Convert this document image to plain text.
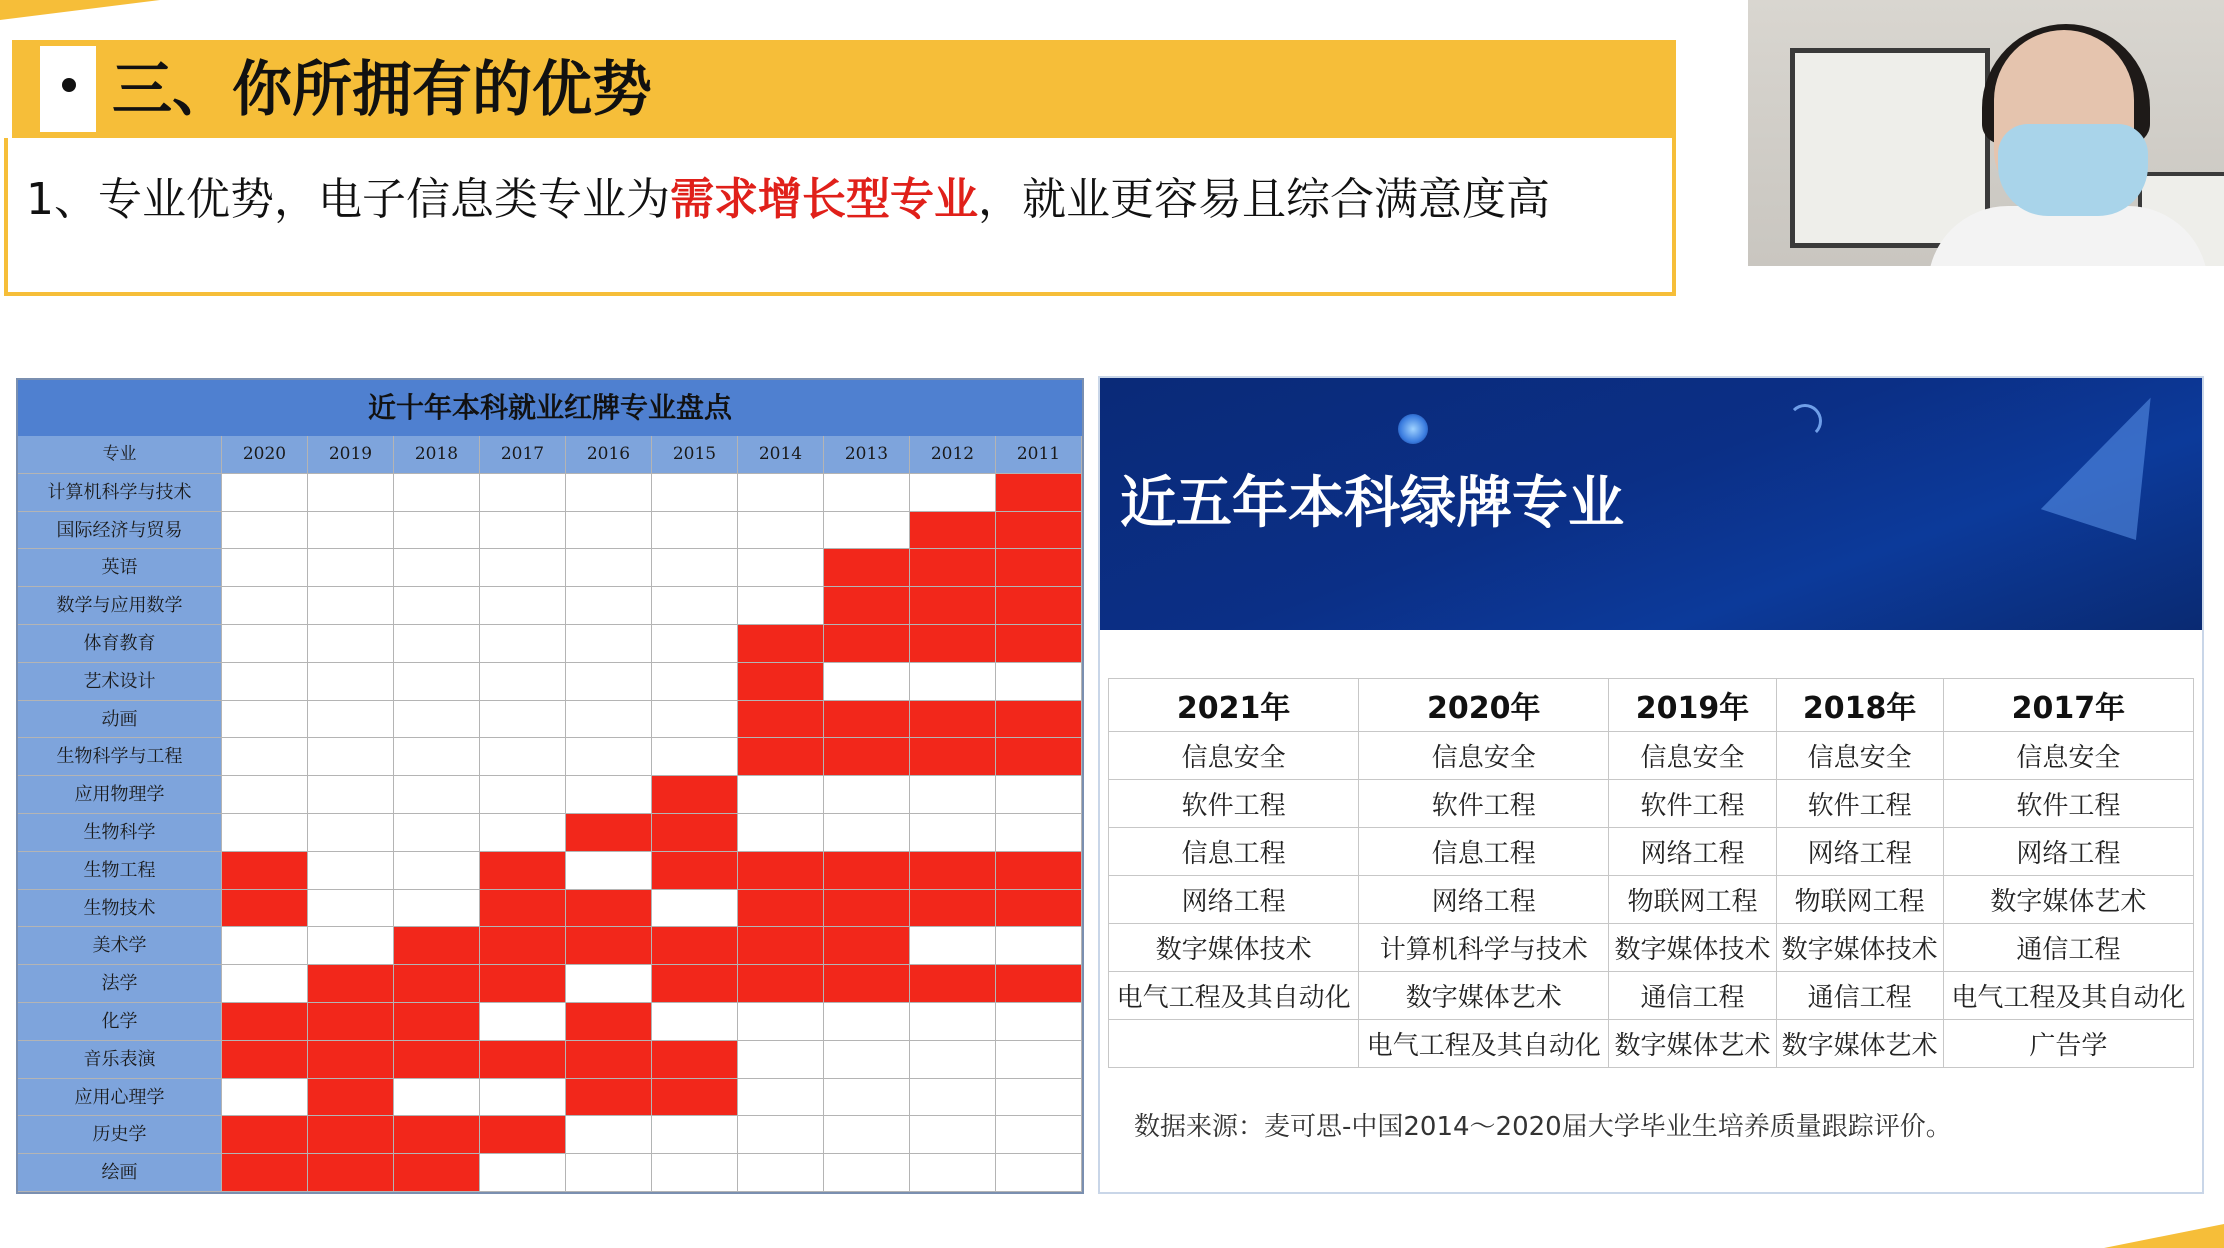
三、你所拥有的优势
1、专业优势，电子信息类专业为需求增长型专业，就业更容易且综合满意度高
近十年本科就业红牌专业盘点
专业	2020	2019	2018	2017	2016	2015	2014	2013	2012	2011
计算机科学与技术
国际经济与贸易
英语
数学与应用数学
体育教育
艺术设计
动画
生物科学与工程
应用物理学
生物科学
生物工程
生物技术
美术学
法学
化学
音乐表演
应用心理学
历史学
绘画
近五年本科绿牌专业
2021年	2020年	2019年	2018年	2017年
信息安全	信息安全	信息安全	信息安全	信息安全
软件工程	软件工程	软件工程	软件工程	软件工程
信息工程	信息工程	网络工程	网络工程	网络工程
网络工程	网络工程	物联网工程	物联网工程	数字媒体艺术
数字媒体技术	计算机科学与技术	数字媒体技术	数字媒体技术	通信工程
电气工程及其自动化	数字媒体艺术	通信工程	通信工程	电气工程及其自动化
	电气工程及其自动化	数字媒体艺术	数字媒体艺术	广告学
数据来源：麦可思-中国2014～2020届大学毕业生培养质量跟踪评价。
